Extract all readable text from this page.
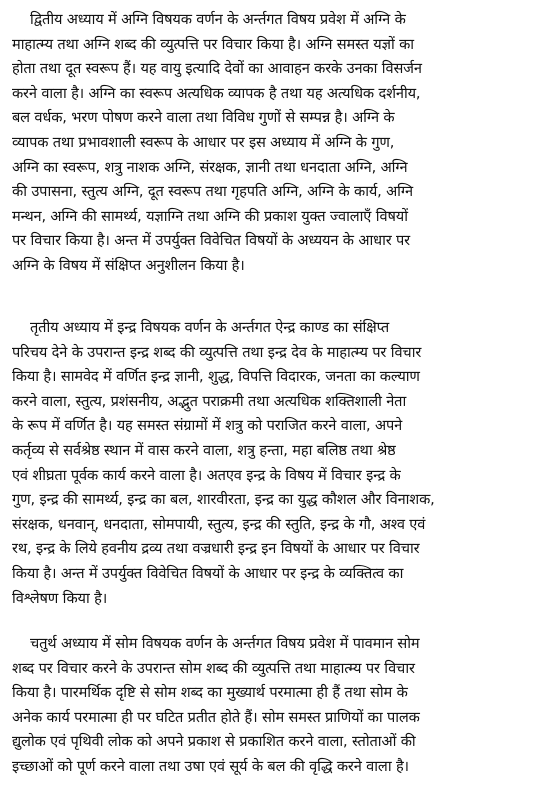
द्वितीय अध्याय में अग्नि विषयक वर्णन के अर्न्तगत विषय प्रवेश में अग्नि के
माहात्म्य तथा अग्नि शब्द की व्युत्पत्ति पर विचार किया है। अग्नि समस्त यज्ञों का
होता तथा दूत स्वरूप हैं। यह वायु इत्यादि देवों का आवाहन करके उनका विसर्जन
करने वाला है। अग्नि का स्वरूप अत्यधिक व्यापक है तथा यह अत्यधिक दर्शनीय,
बल वर्धक, भरण पोषण करने वाला तथा विविध गुणों से सम्पन्न है। अग्नि के
व्यापक तथा प्रभावशाली स्वरूप के आधार पर इस अध्याय में अग्नि के गुण,
अग्नि का स्वरूप, शत्रु नाशक अग्नि, संरक्षक, ज्ञानी तथा धनदाता अग्नि, अग्नि
की उपासना, स्तुत्य अग्नि, दूत स्वरूप तथा गृहपति अग्नि, अग्नि के कार्य, अग्नि
मन्थन, अग्नि की सामर्थ्य, यज्ञाग्नि तथा अग्नि की प्रकाश युक्त ज्वालाएँ विषयों
पर विचार किया है। अन्त में उपर्युक्त विवेचित विषयों के अध्ययन के आधार पर
अग्नि के विषय में संक्षिप्त अनुशीलन किया है।

तृतीय अध्याय में इन्द्र विषयक वर्णन के अर्न्तगत ऐन्द्र काण्ड का संक्षिप्त
परिचय देने के उपरान्त इन्द्र शब्द की व्युत्पत्ति तथा इन्द्र देव के माहात्म्य पर विचार
किया है। सामवेद में वर्णित इन्द्र ज्ञानी, शुद्ध, विपत्ति विदारक, जनता का कल्याण
करने वाला, स्तुत्य, प्रशंसनीय, अद्भुत पराक्रमी तथा अत्यधिक शक्तिशाली नेता
के रूप में वर्णित है। यह समस्त संग्रामों में शत्रु को पराजित करने वाला, अपने
कर्तृव्य से सर्वश्रेष्ठ स्थान में वास करने वाला, शत्रु हन्ता, महा बलिष्ठ तथा श्रेष्ठ
एवं शीघ्रता पूर्वक कार्य करने वाला है। अतएव इन्द्र के विषय में विचार इन्द्र के
गुण, इन्द्र की सामर्थ्य, इन्द्र का बल, शारवीरता, इन्द्र का युद्ध कौशल और विनाशक,
संरक्षक, धनवान्, धनदाता, सोमपायी, स्तुत्य, इन्द्र की स्तुति, इन्द्र के गौ, अश्व एवं
रथ, इन्द्र के लिये हवनीय द्रव्य तथा वज्रधारी इन्द्र इन विषयों के आधार पर विचार
किया है। अन्त में उपर्युक्त विवेचित विषयों के आधार पर इन्द्र के व्यक्तित्व का
विश्लेषण किया है।

चतुर्थ अध्याय में सोम विषयक वर्णन के अर्न्तगत विषय प्रवेश में पावमान सोम
शब्द पर विचार करने के उपरान्त सोम शब्द की व्युत्पत्ति तथा माहात्म्य पर विचार
किया है। पारमर्थिक दृष्टि से सोम शब्द का मुख्यार्थ परमात्मा ही हैं तथा सोम के
अनेक कार्य परमात्मा ही पर घटित प्रतीत होते हैं। सोम समस्त प्राणियों का पालक
द्युलोक एवं पृथिवी लोक को अपने प्रकाश से प्रकाशित करने वाला, स्तोताओं की
इच्छाओं को पूर्ण करने वाला तथा उषा एवं सूर्य के बल की वृद्धि करने वाला है।
